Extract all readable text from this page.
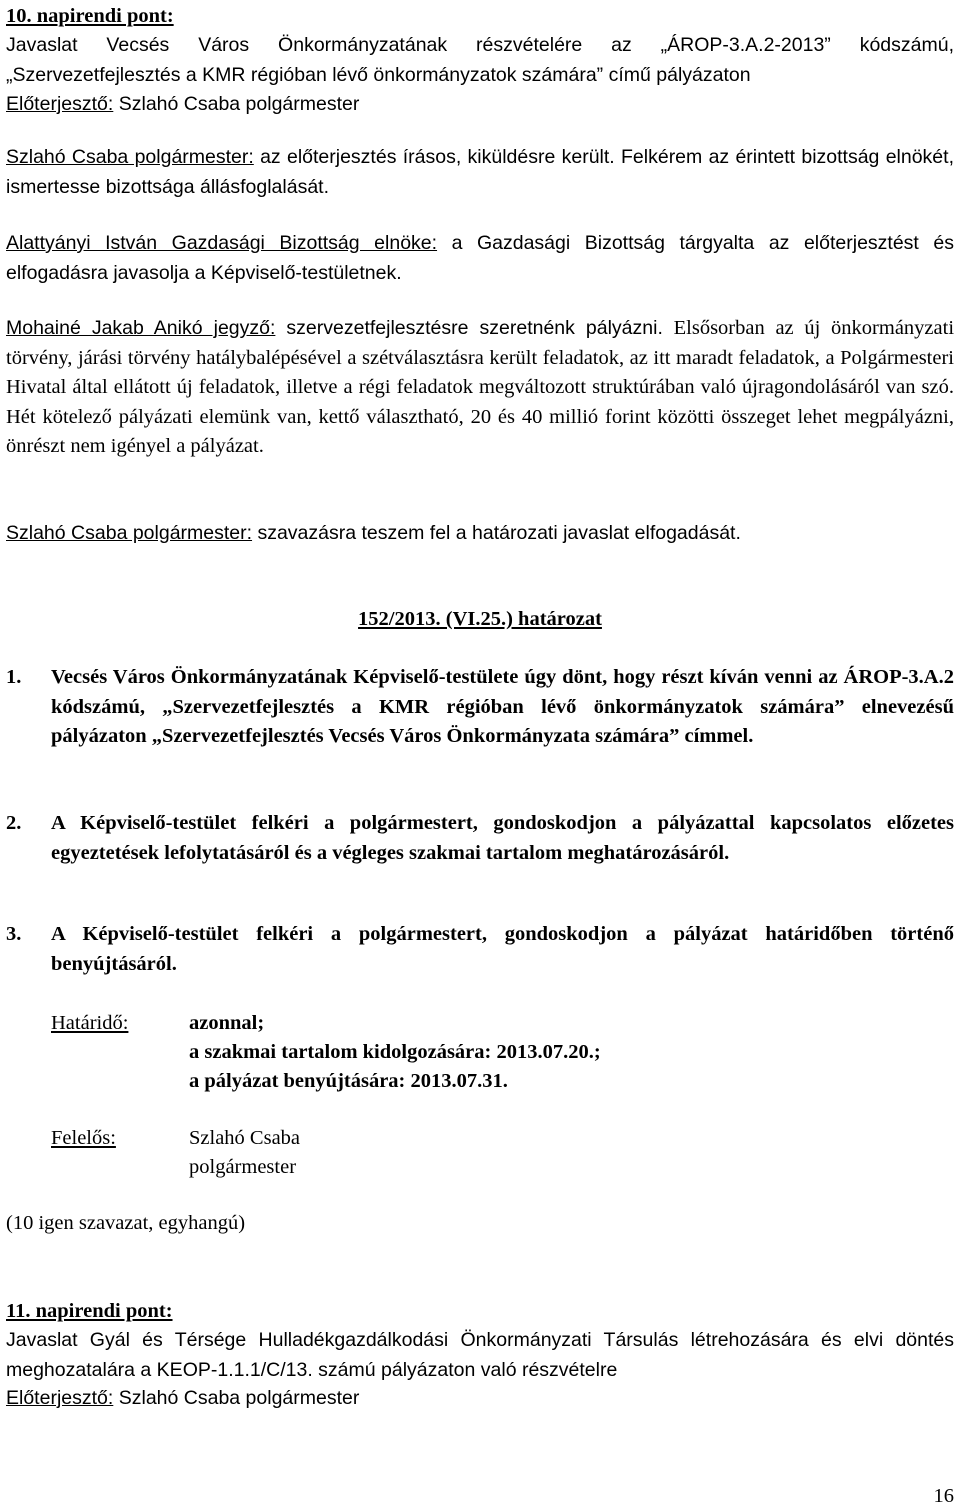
10. napirendi pont:
Javaslat Vecsés Város Önkormányzatának részvételére az „ÁROP-3.A.2-2013” kódszámú, „Szervezetfejlesztés a KMR régióban lévő önkormányzatok számára” című pályázaton
Előterjesztő: Szlahó Csaba polgármester
Szlahó Csaba polgármester: az előterjesztés írásos, kiküldésre került. Felkérem az érintett bizottság elnökét, ismertesse bizottsága állásfoglalását.
Alattyányi István Gazdasági Bizottság elnöke: a Gazdasági Bizottság tárgyalta az előterjesztést és elfogadásra javasolja a Képviselő-testületnek.
Mohainé Jakab Anikó jegyző: szervezetfejlesztésre szeretnénk pályázni. Elsősorban az új önkormányzati törvény, járási törvény hatálybalépésével a szétválasztásra került feladatok, az itt maradt feladatok, a Polgármesteri Hivatal által ellátott új feladatok, illetve a régi feladatok megváltozott struktúrában való újragondolásáról van szó. Hét kötelező pályázati elemünk van, kettő választható, 20 és 40 millió forint közötti összeget lehet megpályázni, önrészt nem igényel a pályázat.
Szlahó Csaba polgármester: szavazásra teszem fel a határozati javaslat elfogadását.
152/2013. (VI.25.) határozat
1. Vecsés Város Önkormányzatának Képviselő-testülete úgy dönt, hogy részt kíván venni az ÁROP-3.A.2 kódszámú, „Szervezetfejlesztés a KMR régióban lévő önkormányzatok számára” elnevezésű pályázaton „Szervezetfejlesztés Vecsés Város Önkormányzata számára” címmel.
2. A Képviselő-testület felkéri a polgármestert, gondoskodjon a pályázattal kapcsolatos előzetes egyeztetések lefolytatásáról és a végleges szakmai tartalom meghatározásáról.
3. A Képviselő-testület felkéri a polgármestert, gondoskodjon a pályázat határidőben történő benyújtásáról.
Határidő:	azonnal;
a szakmai tartalom kidolgozására: 2013.07.20.;
a pályázat benyújtására: 2013.07.31.
Felelős:	Szlahó Csaba
polgármester
(10 igen szavazat, egyhangú)
11. napirendi pont:
Javaslat Gyál és Térsége Hulladékgazdálkodási Önkormányzati Társulás létrehozására és elvi döntés meghozatalára a KEOP-1.1.1/C/13. számú pályázaton való részvételre
Előterjesztő: Szlahó Csaba polgármester
16
